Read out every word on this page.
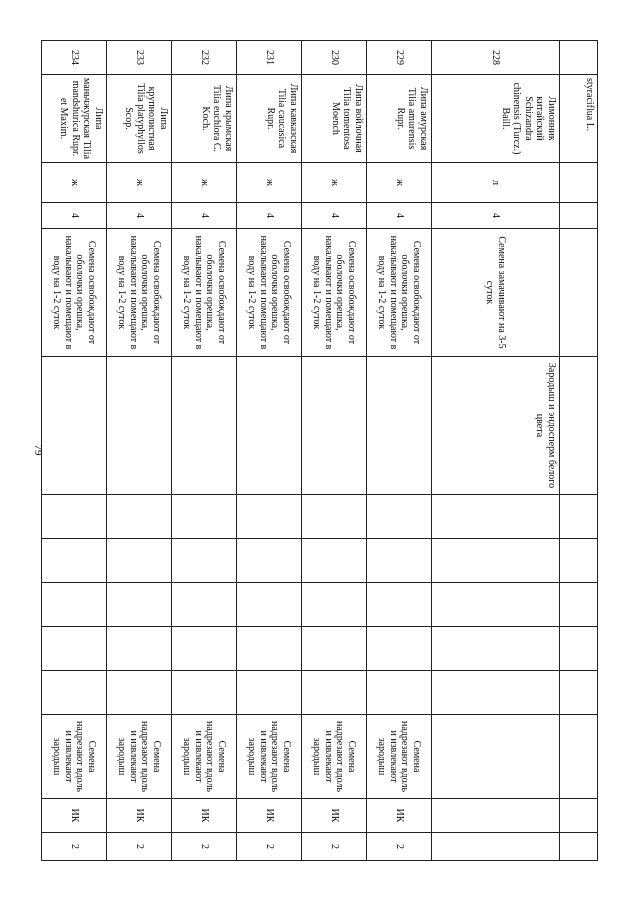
79
	styraciflua L.												
228	Лимонник китайский Schizandra chinensis (Turcz.) Baill.	л	4	Семена замачивают на 3-5 суток	Зародыш и эндосперм белого цвета								
229	Липа амурская Tilia amurensis Rupr.	ж	4	Семена освобождают от оболочки орешка, накалывают и помещают в воду на 1-2 суток							Семена надрезают вдоль и извлекают зародыш	ИК	2
230	Липа войлочная Tilia tomentosa Moench	ж	4	Семена освобождают от оболочки орешка, накалывают и помещают в воду на 1-2 суток							Семена надрезают вдоль и извлекают зародыш	ИК	2
231	Липа кавказская Tilia caucasica Rupr.	ж	4	Семена освобождают от оболочки орешка, накалывают и помещают в воду на 1-2 суток							Семена надрезают вдоль и извлекают зародыш	ИК	2
232	Липа крымская Tilia euchlora C. Koch.	ж	4	Семена освобождают от оболочки орешка, накалывают и помещают в воду на 1-2 суток							Семена надрезают вдоль и извлекают зародыш	ИК	2
233	Липа крупнолистная Tilia platyphyllos Scop.	ж	4	Семена освобождают от оболочки орешка, накалывают и помещают в воду на 1-2 суток							Семена надрезают вдоль и извлекают зародыш	ИК	2
234	Липа маньчжурская Tilia mandshurica Rupr. et Maxim.	ж	4	Семена освобождают от оболочки орешка, накалывают и помещают в воду на 1-2 суток							Семена надрезают вдоль и извлекают зародыш	ИК	2
